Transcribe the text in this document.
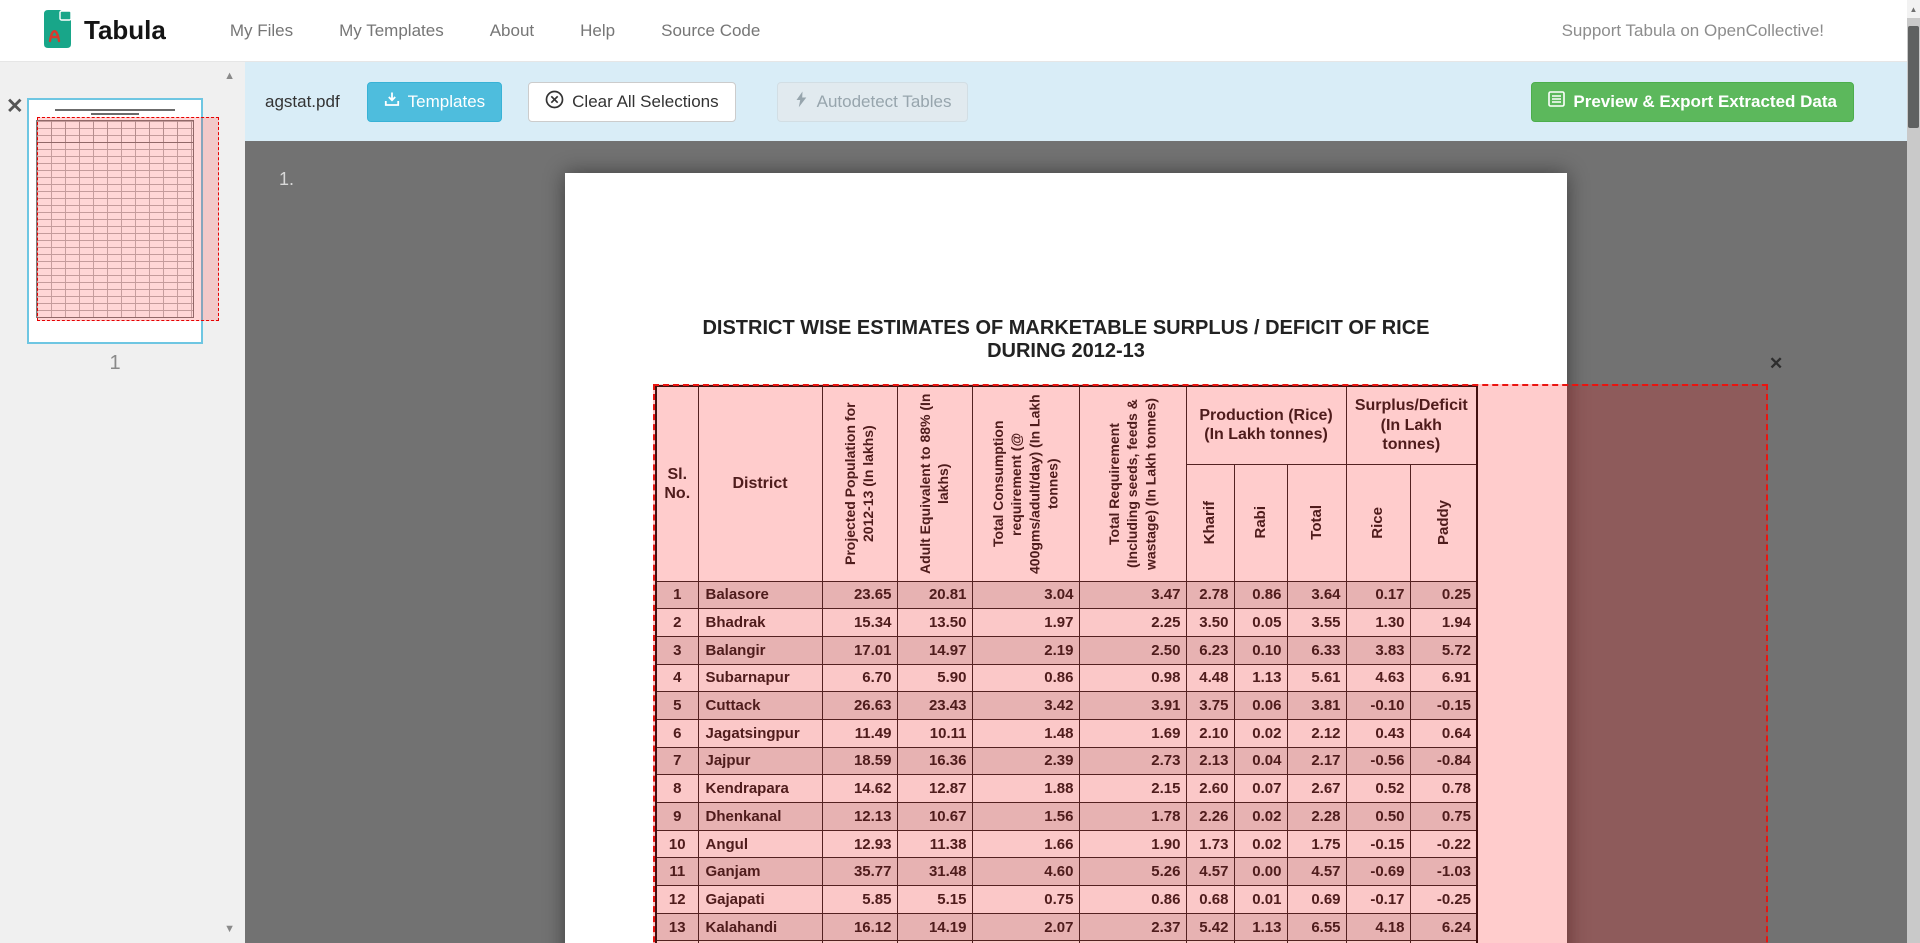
Tabula	My Files	My Templates	About	Help	Source Code	Support Tabula on OpenCollective!
agstat.pdf	Templates	Clear All Selections	Autodetect Tables	Preview & Export Extracted Data
▲
✕
1
▼
1.
DISTRICT WISE ESTIMATES OF MARKETABLE SURPLUS / DEFICIT OF RICE
DURING 2012-13
Sl. No.	District	Projected Population for 2012-13 (In lakhs)	Adult Equivalent to 88% (In lakhs)	Total Consumption requirement (@ 400gms/adult/day) (In Lakh tonnes)	Total Requirement (Including seeds, feeds & wastage) (In Lakh tonnes)	Production (Rice) (In Lakh tonnes)			Surplus/Deficit (In Lakh tonnes)	

						Kharif	Rabi	Total	Rice	Paddy

1	Balasore	23.65	20.81	3.04	3.47	2.78	0.86	3.64	0.17	0.25
2	Bhadrak	15.34	13.50	1.97	2.25	3.50	0.05	3.55	1.30	1.94
3	Balangir	17.01	14.97	2.19	2.50	6.23	0.10	6.33	3.83	5.72
4	Subarnapur	6.70	5.90	0.86	0.98	4.48	1.13	5.61	4.63	6.91
5	Cuttack	26.63	23.43	3.42	3.91	3.75	0.06	3.81	-0.10	-0.15
6	Jagatsingpur	11.49	10.11	1.48	1.69	2.10	0.02	2.12	0.43	0.64
7	Jajpur	18.59	16.36	2.39	2.73	2.13	0.04	2.17	-0.56	-0.84
8	Kendrapara	14.62	12.87	1.88	2.15	2.60	0.07	2.67	0.52	0.78
9	Dhenkanal	12.13	10.67	1.56	1.78	2.26	0.02	2.28	0.50	0.75
10	Angul	12.93	11.38	1.66	1.90	1.73	0.02	1.75	-0.15	-0.22
11	Ganjam	35.77	31.48	4.60	5.26	4.57	0.00	4.57	-0.69	-1.03
12	Gajapati	5.85	5.15	0.75	0.86	0.68	0.01	0.69	-0.17	-0.25
13	Kalahandi	16.12	14.19	2.07	2.37	5.42	1.13	6.55	4.18	6.24

✕
▲
